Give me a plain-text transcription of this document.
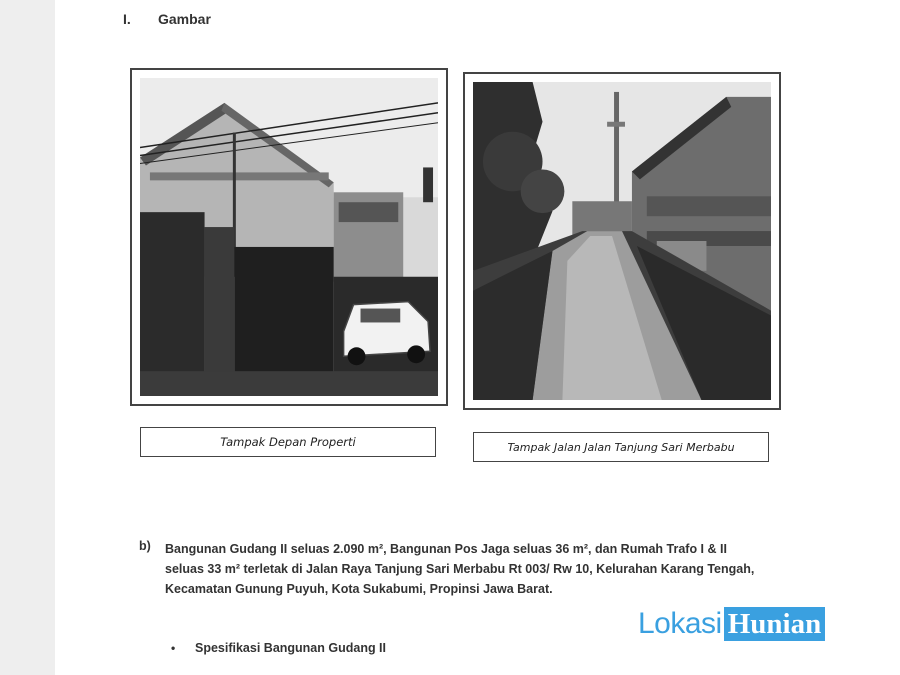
I. Gambar
Tampak Depan Properti	Tampak Jalan Jalan Tanjung Sari Merbabu
b) Bangunan Gudang II seluas 2.090 m², Bangunan Pos Jaga seluas 36 m², dan Rumah Trafo I & II seluas 33 m² terletak di Jalan Raya Tanjung Sari Merbabu Rt 003/ Rw 10, Kelurahan Karang Tengah, Kecamatan Gunung Puyuh, Kota Sukabumi, Propinsi Jawa Barat.
• Spesifikasi Bangunan Gudang II
Lokasi Hunian
